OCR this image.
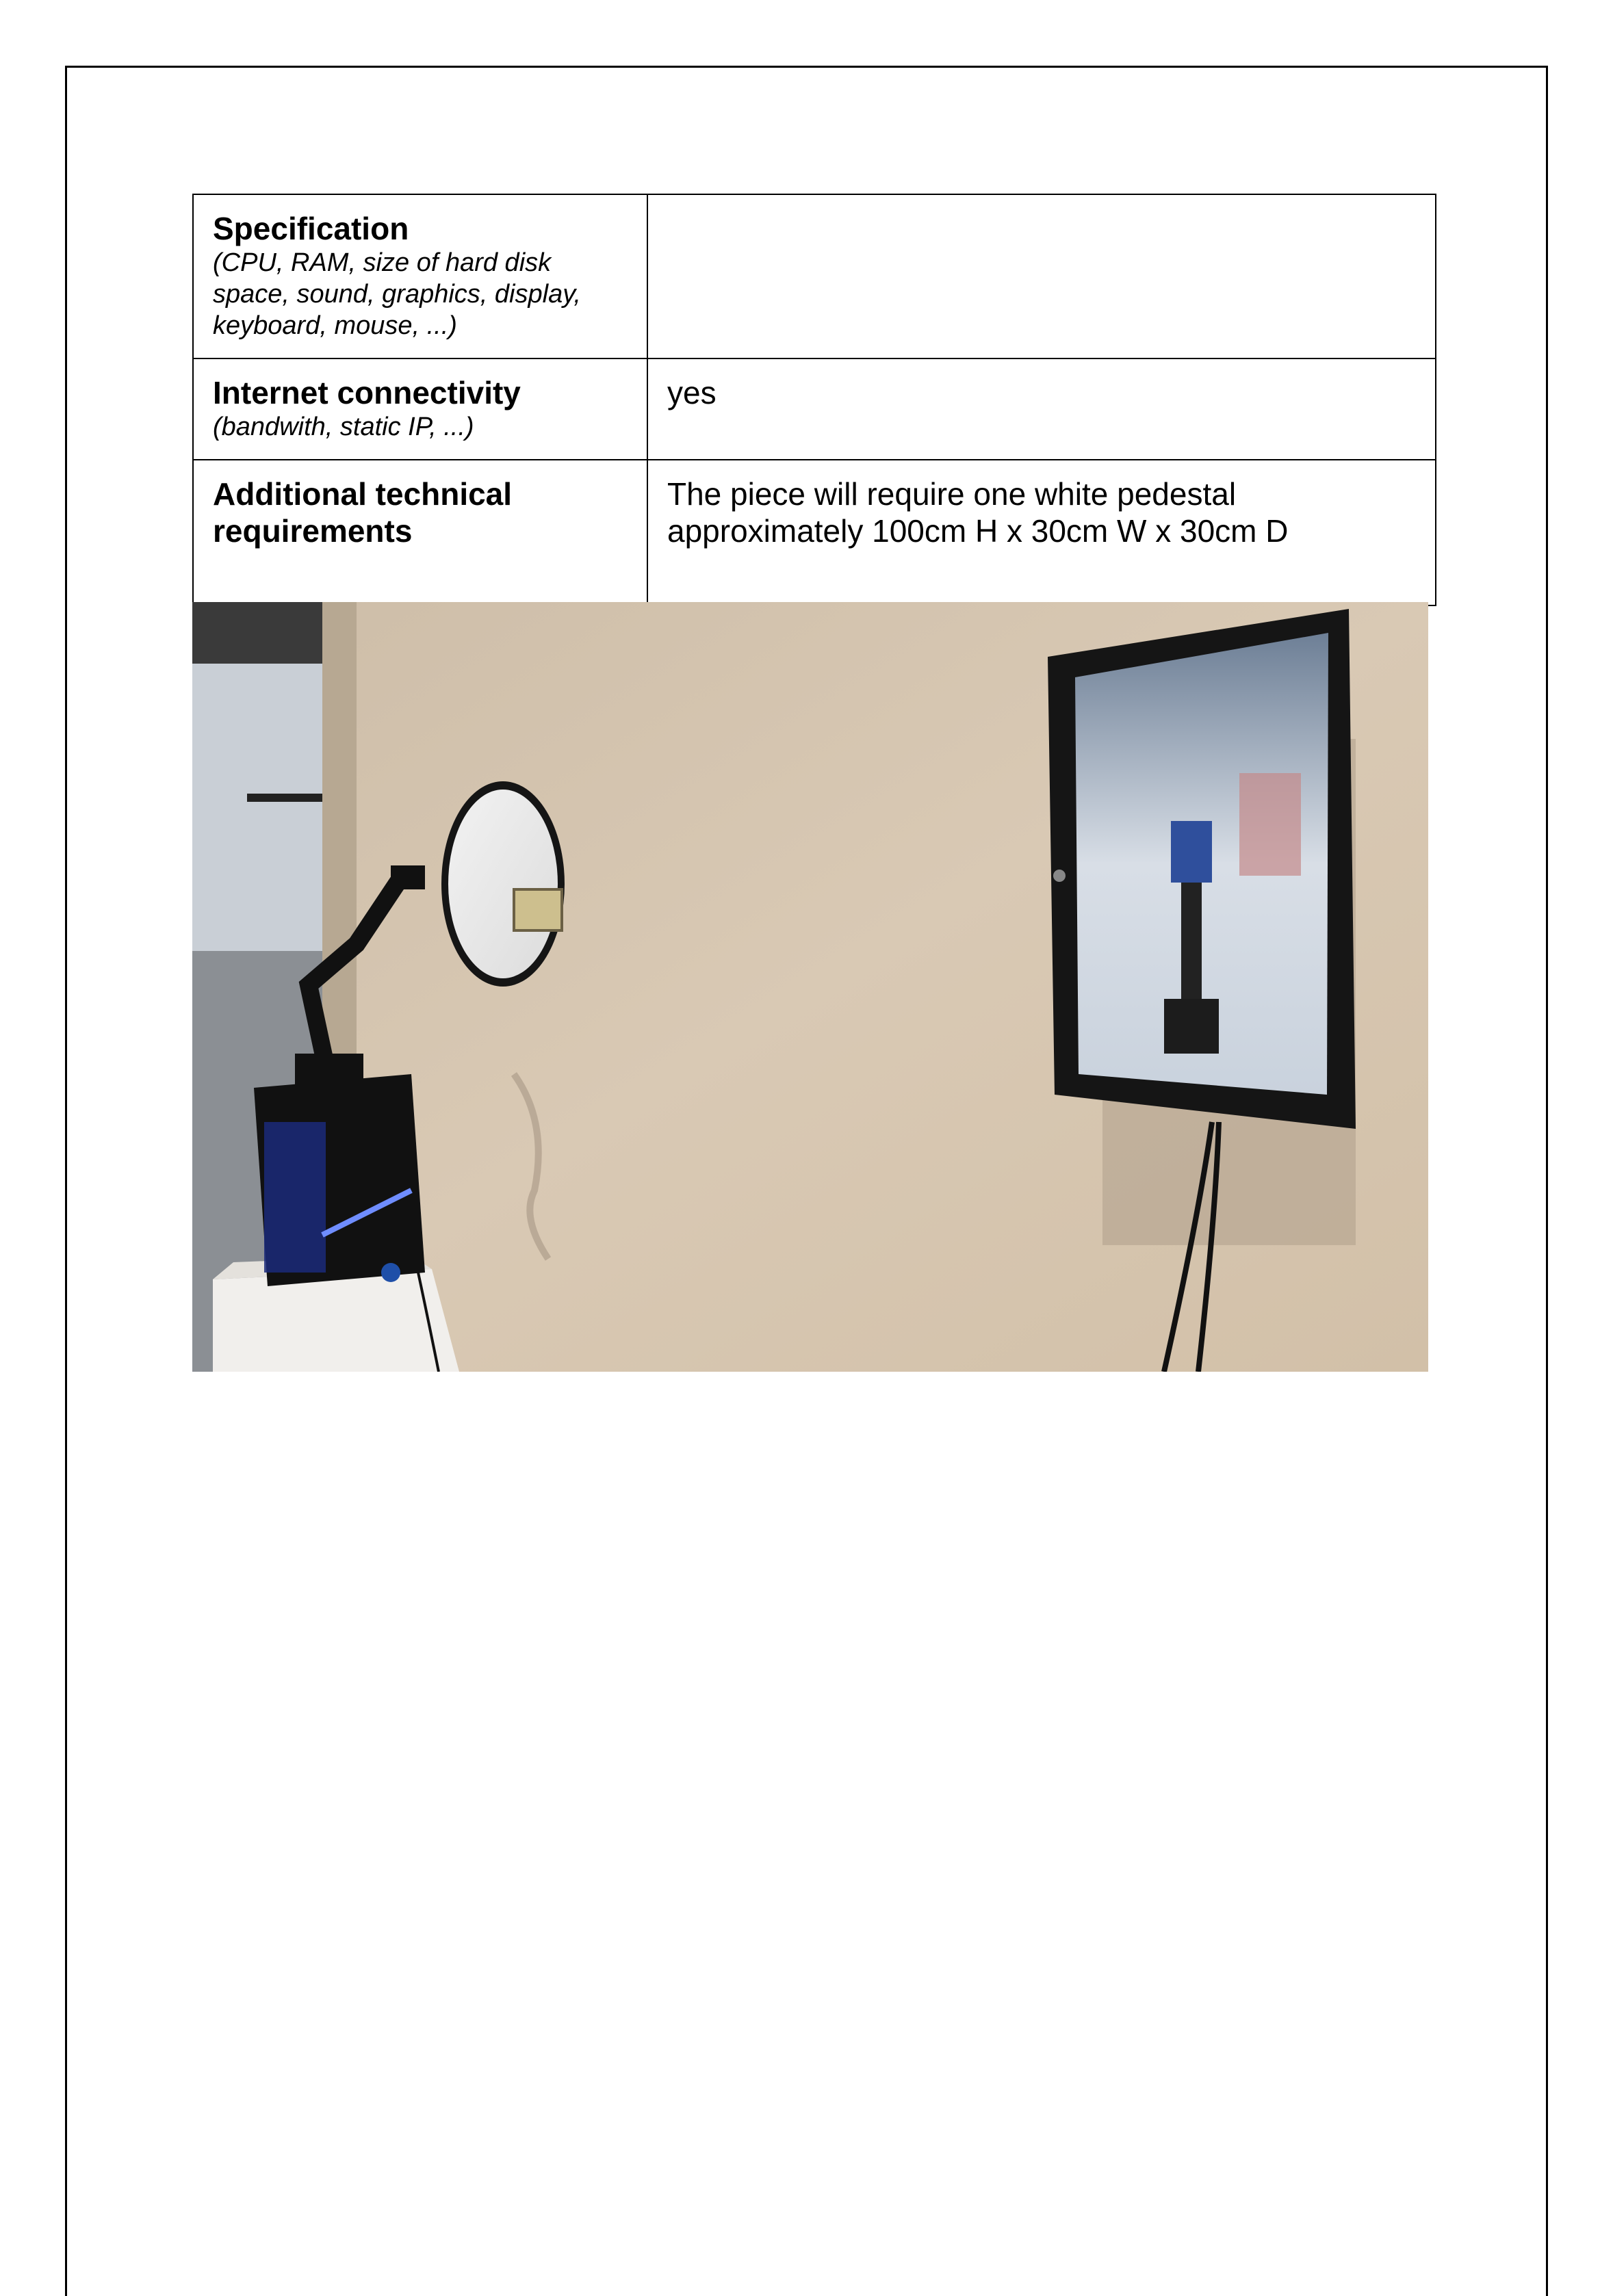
Specification
(CPU, RAM, size of hard disk space, sound, graphics, display, keyboard, mouse, ...)	

Internet connectivity
(bandwith, static IP, ...)	yes

Additional technical requirements	The piece will require one white pedestal approximately 100cm H x 30cm W x 30cm D
